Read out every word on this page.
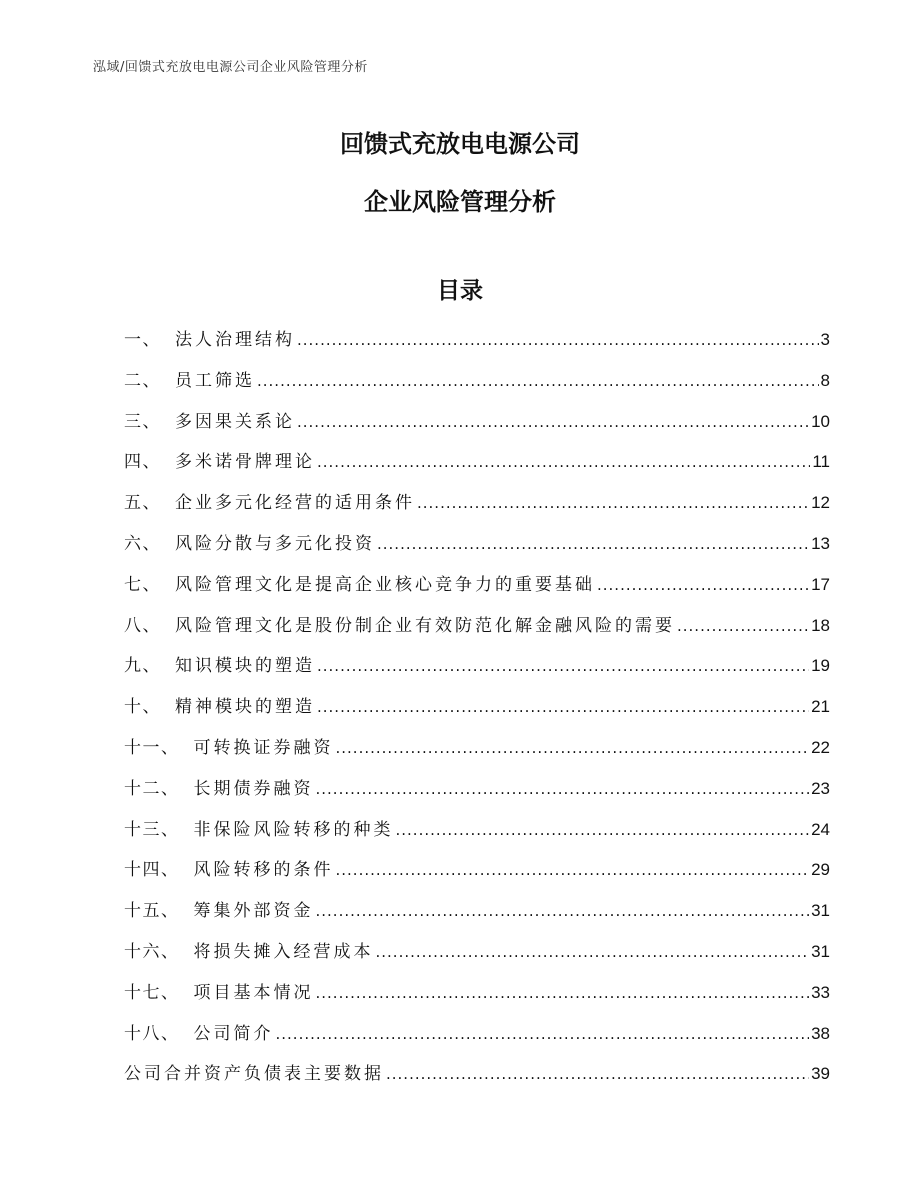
泓域/回馈式充放电电源公司企业风险管理分析
回馈式充放电电源公司
企业风险管理分析
目录
一、 法人治理结构 .....	3
二、 员工筛选 .....	8
三、 多因果关系论 .....	10
四、 多米诺骨牌理论 .....	11
五、 企业多元化经营的适用条件 .....	12
六、 风险分散与多元化投资 .....	13
七、 风险管理文化是提高企业核心竞争力的重要基础 .....	17
八、 风险管理文化是股份制企业有效防范化解金融风险的需要 .....	18
九、 知识模块的塑造 .....	19
十、 精神模块的塑造 .....	21
十一、 可转换证券融资 .....	22
十二、 长期债券融资 .....	23
十三、 非保险风险转移的种类 .....	24
十四、 风险转移的条件 .....	29
十五、 筹集外部资金 .....	31
十六、 将损失摊入经营成本 .....	31
十七、 项目基本情况 .....	33
十八、 公司简介 .....	38
公司合并资产负债表主要数据 .....	39
